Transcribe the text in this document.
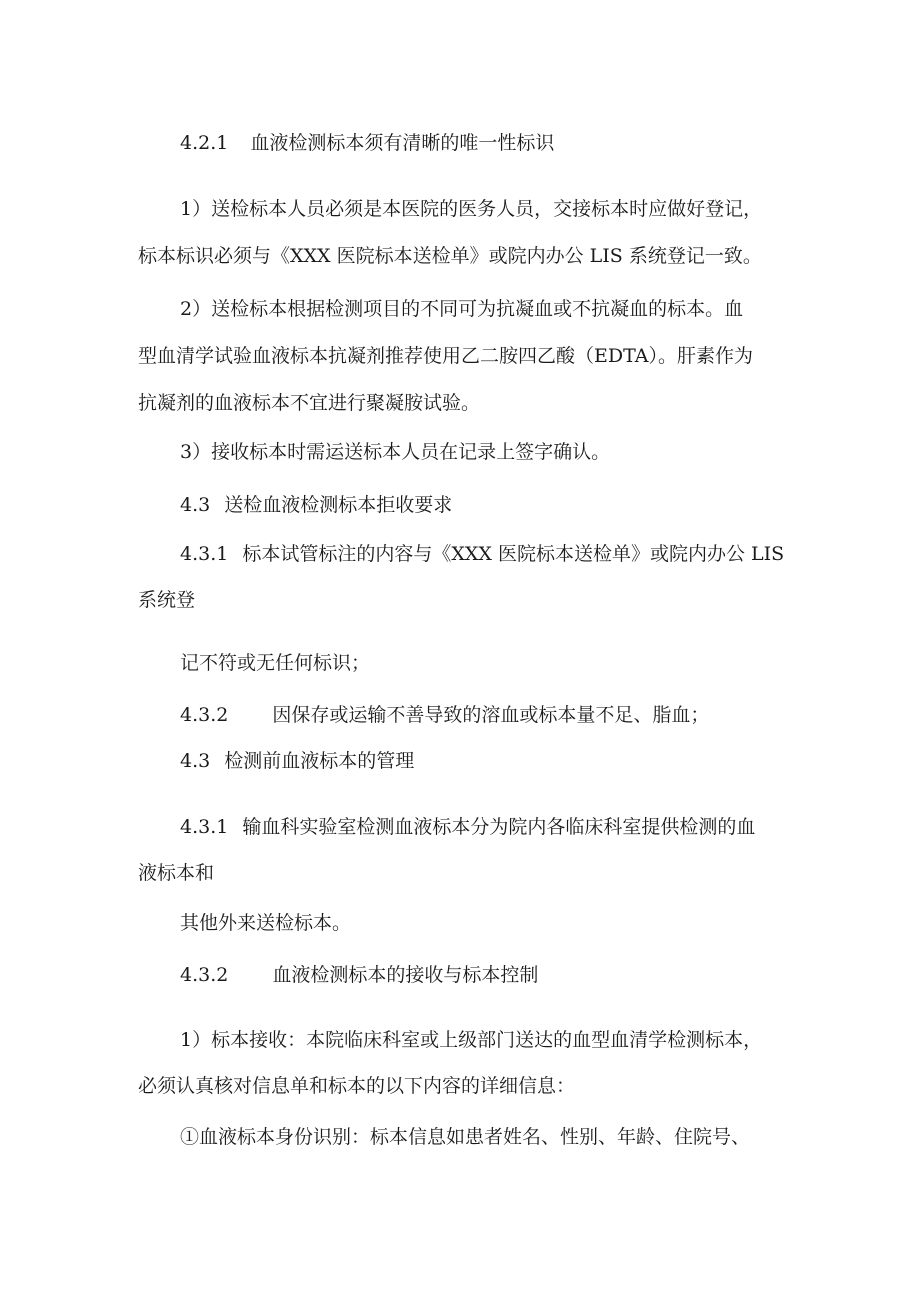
4.2.1 血液检测标本须有清晰的唯一性标识
1）送检标本人员必须是本医院的医务人员，交接标本时应做好登记，
标本标识必须与《XXX 医院标本送检单》或院内办公 LIS 系统登记一致。
2）送检标本根据检测项目的不同可为抗凝血或不抗凝血的标本。血
型血清学试验血液标本抗凝剂推荐使用乙二胺四乙酸（EDTA）。肝素作为
抗凝剂的血液标本不宜进行聚凝胺试验。
3）接收标本时需运送标本人员在记录上签字确认。
4.3 送检血液检测标本拒收要求
4.3.1 标本试管标注的内容与《XXX 医院标本送检单》或院内办公 LIS
系统登
记不符或无任何标识；
4.3.2 因保存或运输不善导致的溶血或标本量不足、脂血；
4.3 检测前血液标本的管理
4.3.1 输血科实验室检测血液标本分为院内各临床科室提供检测的血
液标本和
其他外来送检标本。
4.3.2 血液检测标本的接收与标本控制
1）标本接收：本院临床科室或上级部门送达的血型血清学检测标本，
必须认真核对信息单和标本的以下内容的详细信息：
①血液标本身份识别：标本信息如患者姓名、性别、年龄、住院号、
